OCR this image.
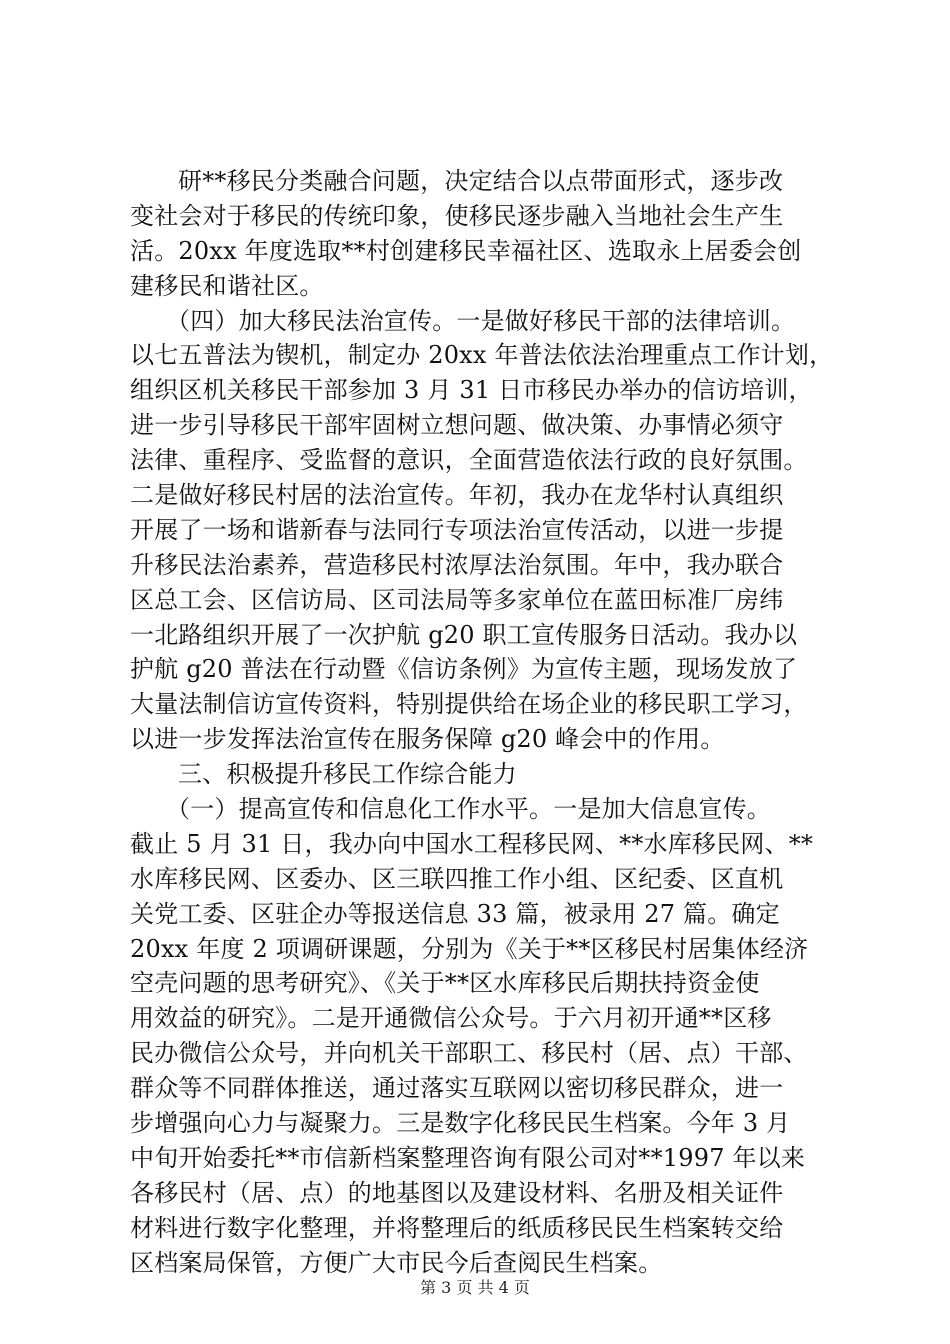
研**移民分类融合问题，决定结合以点带面形式，逐步改
变社会对于移民的传统印象，使移民逐步融入当地社会生产生
活。20xx 年度选取**村创建移民幸福社区、选取永上居委会创
建移民和谐社区。
（四）加大移民法治宣传。一是做好移民干部的法律培训。
以七五普法为锲机，制定办 20xx 年普法依法治理重点工作计划，
组织区机关移民干部参加 3 月 31 日市移民办举办的信访培训，
进一步引导移民干部牢固树立想问题、做决策、办事情必须守
法律、重程序、受监督的意识，全面营造依法行政的良好氛围。
二是做好移民村居的法治宣传。年初，我办在龙华村认真组织
开展了一场和谐新春与法同行专项法治宣传活动，以进一步提
升移民法治素养，营造移民村浓厚法治氛围。年中，我办联合
区总工会、区信访局、区司法局等多家单位在蓝田标准厂房纬
一北路组织开展了一次护航 g20 职工宣传服务日活动。我办以
护航 g20 普法在行动暨《信访条例》为宣传主题，现场发放了
大量法制信访宣传资料，特别提供给在场企业的移民职工学习，
以进一步发挥法治宣传在服务保障 g20 峰会中的作用。
三、积极提升移民工作综合能力
（一）提高宣传和信息化工作水平。一是加大信息宣传。
截止 5 月 31 日，我办向中国水工程移民网、**水库移民网、**
水库移民网、区委办、区三联四推工作小组、区纪委、区直机
关党工委、区驻企办等报送信息 33 篇，被录用 27 篇。确定
20xx 年度 2 项调研课题，分别为《关于**区移民村居集体经济
空壳问题的思考研究》、《关于**区水库移民后期扶持资金使
用效益的研究》。二是开通微信公众号。于六月初开通**区移
民办微信公众号，并向机关干部职工、移民村（居、点）干部、
群众等不同群体推送，通过落实互联网以密切移民群众，进一
步增强向心力与凝聚力。三是数字化移民民生档案。今年 3 月
中旬开始委托**市信新档案整理咨询有限公司对**1997 年以来
各移民村（居、点）的地基图以及建设材料、名册及相关证件
材料进行数字化整理，并将整理后的纸质移民民生档案转交给
区档案局保管，方便广大市民今后查阅民生档案。
第 3 页 共 4 页
